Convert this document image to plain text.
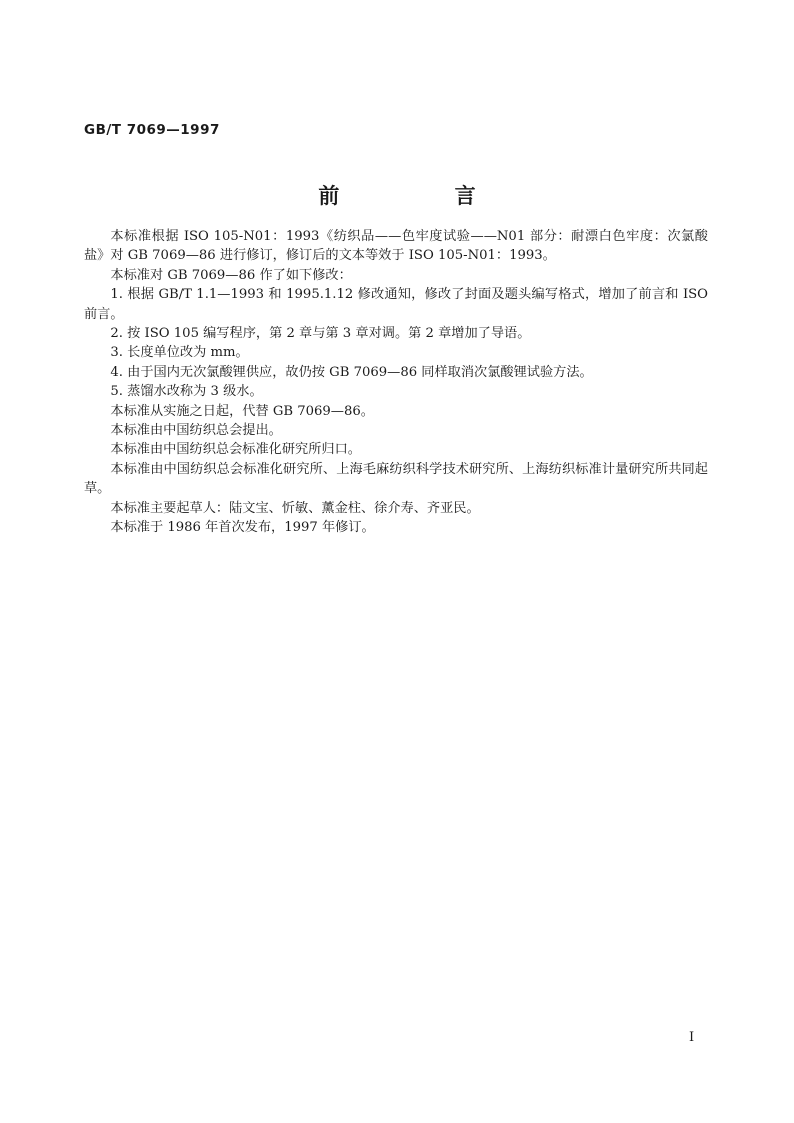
GB/T 7069—1997
前 言

本标准根据 ISO 105-N01：1993《纺织品——色牢度试验——N01 部分：耐漂白色牢度：次氯酸盐》对 GB 7069—86 进行修订，修订后的文本等效于 ISO 105-N01：1993。

本标准对 GB 7069—86 作了如下修改：

1. 根据 GB/T 1.1—1993 和 1995.1.12 修改通知，修改了封面及题头编写格式，增加了前言和 ISO 前言。

2. 按 ISO 105 编写程序，第 2 章与第 3 章对调。第 2 章增加了导语。

3. 长度单位改为 mm。

4. 由于国内无次氯酸锂供应，故仍按 GB 7069—86 同样取消次氯酸锂试验方法。

5. 蒸馏水改称为 3 级水。

本标准从实施之日起，代替 GB 7069—86。

本标准由中国纺织总会提出。

本标准由中国纺织总会标准化研究所归口。

本标准由中国纺织总会标准化研究所、上海毛麻纺织科学技术研究所、上海纺织标准计量研究所共同起草。

本标准主要起草人：陆文宝、忻敏、薰金柱、徐介寿、齐亚民。

本标准于 1986 年首次发布，1997 年修订。

I
